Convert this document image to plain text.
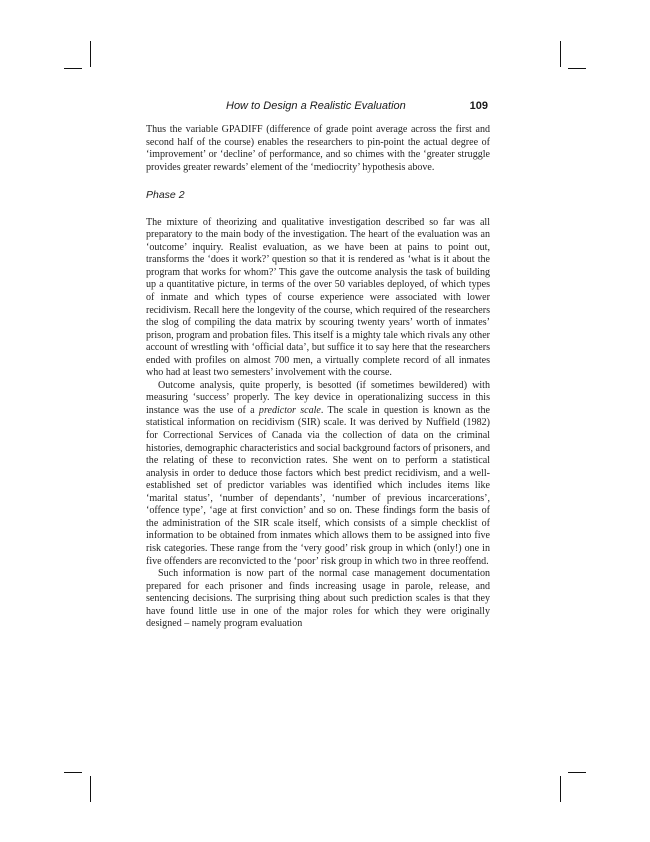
How to Design a Realistic Evaluation	109

Thus the variable GPADIFF (difference of grade point average across the first and second half of the course) enables the researchers to pin-point the actual degree of ‘improvement’ or ‘decline’ of performance, and so chimes with the ‘greater struggle provides greater rewards’ element of the ‘mediocrity’ hypothesis above.

Phase 2

The mixture of theorizing and qualitative investigation described so far was all preparatory to the main body of the investigation. The heart of the evaluation was an ‘outcome’ inquiry. Realist evaluation, as we have been at pains to point out, transforms the ‘does it work?’ question so that it is rendered as ‘what is it about the program that works for whom?’ This gave the outcome analysis the task of building up a quantitative picture, in terms of the over 50 variables deployed, of which types of inmate and which types of course experience were associated with lower recidivism. Recall here the longevity of the course, which required of the researchers the slog of compiling the data matrix by scouring twenty years’ worth of inmates’ prison, program and probation files. This itself is a mighty tale which rivals any other account of wrestling with ‘official data’, but suffice it to say here that the researchers ended with profiles on almost 700 men, a virtually complete record of all inmates who had at least two semesters’ involvement with the course.

Outcome analysis, quite properly, is besotted (if sometimes bewildered) with measuring ‘success’ properly. The key device in operationalizing success in this instance was the use of a predictor scale. The scale in question is known as the statistical information on recidivism (SIR) scale. It was derived by Nuffield (1982) for Correctional Services of Canada via the collection of data on the criminal histories, demographic characteristics and social background factors of prisoners, and the relating of these to reconviction rates. She went on to perform a statistical analysis in order to deduce those factors which best predict recidivism, and a well-established set of predictor variables was identified which includes items like ‘marital status’, ‘number of dependants’, ‘number of previous incarcerations’, ‘offence type’, ‘age at first conviction’ and so on. These findings form the basis of the administration of the SIR scale itself, which consists of a simple checklist of information to be obtained from inmates which allows them to be assigned into five risk categories. These range from the ‘very good’ risk group in which (only!) one in five offenders are reconvicted to the ‘poor’ risk group in which two in three reoffend.

Such information is now part of the normal case management documentation prepared for each prisoner and finds increasing usage in parole, release, and sentencing decisions. The surprising thing about such prediction scales is that they have found little use in one of the major roles for which they were originally designed – namely program evaluation
